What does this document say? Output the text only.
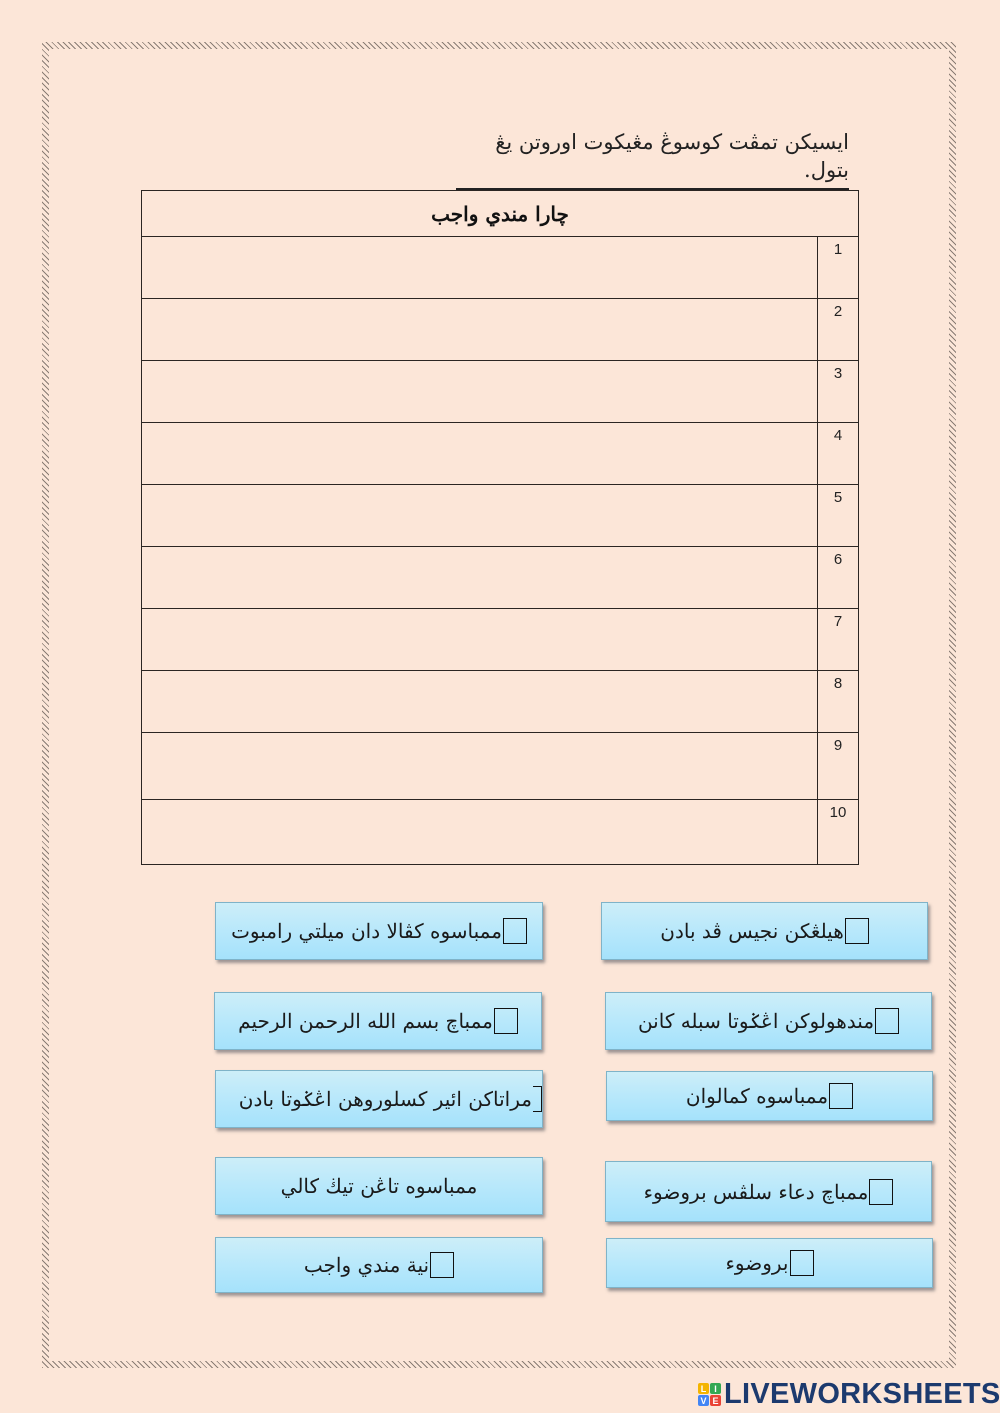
ايسيكن تمڤت کوسوڠ مڠيكوت اوروتن يڠ بتول.
چارا مندي واجب	
	1
	2
	3
	4
	5
	6
	7
	8
	9
	10
ممباسوه کڤالا دان ميلتي رامبوت	هيلڠكن نجيس ڤد بادن
ممباچ بسم الله الرحمن الرحيم	مندهولوكن اڠݢوتا سبله كانن
مراتاكن ائير كسلوروهن اڠݢوتا بادن	ممباسوه كمالوان
ممباسوه تاڠن تيڬ كالي	ممباچ دعاء سلڤس بروضوء
نية مندي واجب	بروضوء
L I
V E LIVEWORKSHEETS
